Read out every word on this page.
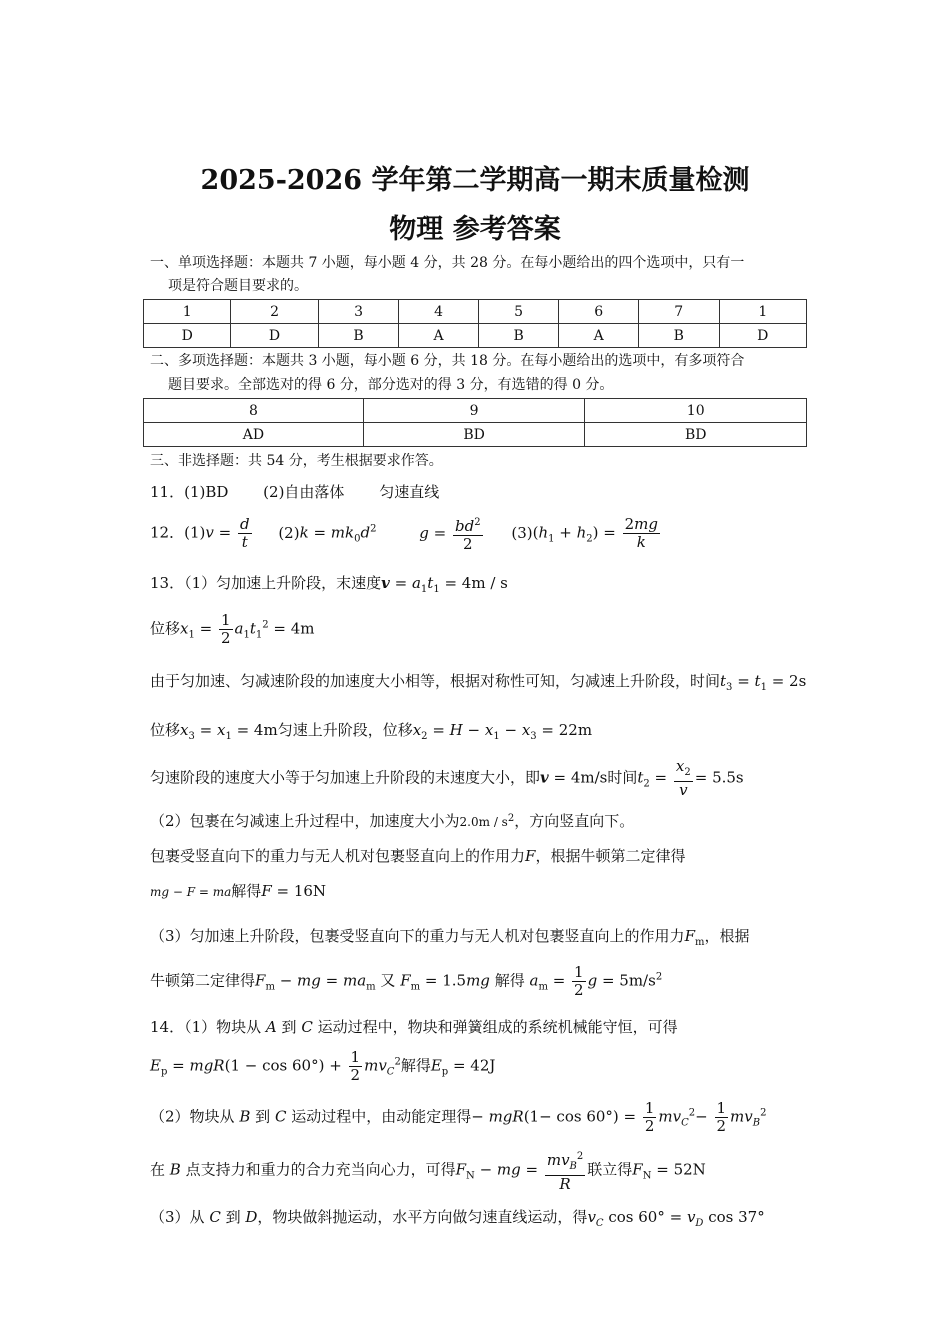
2025-2026 学年第二学期高一期末质量检测
物理 参考答案
一、单项选择题：本题共 7 小题，每小题 4 分，共 28 分。在每小题给出的四个选项中，只有一
项是符合题目要求的。
1	2	3	4	5	6	7	1
D	D	B	A	B	A	B	D
二、多项选择题：本题共 3 小题，每小题 6 分，共 18 分。在每小题给出的选项中，有多项符合
题目要求。全部选对的得 6 分，部分选对的得 3 分，有选错的得 0 分。
8	9	10
AD	BD	BD
三、非选择题：共 54 分，考生根据要求作答。
11．(1)BD (2)自由落体 匀速直线
12．$(1)v = \frac{d}{t} (2)k = mk_0d^2$	$g = \frac{bd^2}{2} (3)(h_1 + h_2) = \frac{2mg}{k}$
13．（1）匀加速上升阶段，末速度$v = a_1t_1 = 4m / s$
位移$x_1 = \frac{1}{2} a_1t_1^2 = 4m$
由于匀加速、匀减速阶段的加速度大小相等，根据对称性可知，匀减速上升阶段，时间$t_3 = t_1 = 2s$
位移$x_3 = x_1 = 4m$匀速上升阶段，位移$x_2 = H - x_1 - x_3 = 22m$
匀速阶段的速度大小等于匀加速上升阶段的末速度大小，即v = 4m/s时间$t_2 = \frac{x_2}{v} = 5.5s$
（2）包裹在匀减速上升过程中，加速度大小为$2.0m / s^2$，方向竖直向下。
包裹受竖直向下的重力与无人机对包裹竖直向上的作用力F，根据牛顿第二定律得
mg − F = ma解得F = 16N
（3）匀加速上升阶段，包裹受竖直向下的重力与无人机对包裹竖直向上的作用力$F_m$，根据
牛顿第二定律得$F_m$ − mg = $ma_m$ 又 $F_m = 1.5mg$ 解得 $a_m = \frac{1}{2}$ $g = 5m/s^2$
14．（1）物块从 A 到 C 运动过程中，物块和弹簧组成的系统机械能守恒，可得
$E_p = mgR(1 - \cos 60^\circ) + \frac{1}{2} mv_C^2$解得$E_p = 42J$
（2）物块从 B 到 C 运动过程中，由动能定理得− $mgR(1- \cos 60^\circ) = \frac{1}{2} mv_C^2- \frac{1}{2} mv_B^2$
在 B 点支持力和重力的合力充当向心力，可得$F_N$ − mg = $\frac{mv_B^2}{R}$ 联立得$F_N = 52N$
（3）从 C 到 D，物块做斜抛运动，水平方向做匀速直线运动，得$v_C$ $\cos 60^\circ = v_D$ cos 37°
